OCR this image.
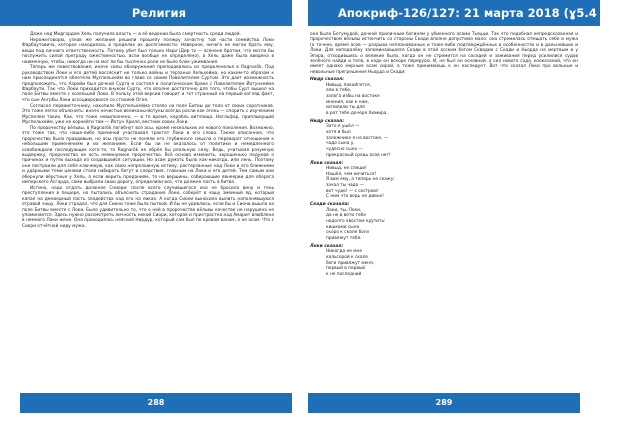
Религия	Апокриф-126/127: 21 марта 2018 (ɣ5.4 е.л.)

Даже над Мидгардом Хель получила власть — в её ведении была смертность среди людей.

Нерожеговорю, узнав же желание решили прошелу полжру зачастну той части семейства Локи Фарбаутовича, которое находилась в пределах их досягаемости. Наверное, ничего не могли брать ему, вещи под личного ответственность. Потому убит был только Нари (Дир то — осенене братом, что могла бы послужить силой преграду ожественостью, всли вообще не определено), а Хель даже была введена в ноименную, чтобы, никогда ни на мог ли бы тысячнох роли не было блок ужимвания.

Теперь же повествование, иначе силы обнаружения преподавались из пределенелья в Ragnarök. Под руководством Локи и его детей воссяснит не только войны и терзанья Хельхейма, но каким-то образом к ним присоединятся облетела Муспельхейм во главе со своим Повелителем Суртом. Это дает возможность предположить, что Азрейм был дочкой Сурта и состоял в политическом браке с Повелителем Йотунхейма Фарбаути. Так что Локи приходится внуком Сурту, что вполне достаточно для того, чтобы Сурт вышел на поле Битвы вместе с хозяльцей Локи. В пользу этой версии говорит и тот странный на первый взгляд факт, что сын Ангрбы Локи ассоциировался со стихией Огня.

Согласно первоисточнику, накопило Муспельхейма стояло на поле Битвы до тела от своих соратников. Это тоже легко объяснить: иначе нечистые великаны-йотуны всегда росли как огонь — спорить с изучением Муспелем таких. Как, что тоже невыполнено, — в то время, корабль витязица. Нагльфар, приплывущий Муспельхейм, уже на корнейги там — Йотун Хрилл, вестник своих Локи.

По пророчеству вёльвы, в Ragnarök погибнут все асы, кроме нескольких из нового поколения. Возможно, это тоже так, что наше-либо причиной участвовал трактат Локи и его слова. Также описанное, что пророчество было правдивым, но асы просто не поняли его глубинного смысла о переворот отношения к небольшим применениям и их желанием. Если бы ли не оказалось от политики и немедленного освобождали последующих кого-то, то Ragnarök не обрёл бы реальную силу. Ведь, учитывая разумную выдержку, пророчество не есть неминуемое пророчество. Всё основа изменить, хорошенько подумав о причинах и путях выхода из создавшейся ситуации. Но асам думать было как-никогда, или лень. Поэтому они построили для себя ключевую, как свою непреложную истину, растерзанные над Локи и его ближними и ударными теми ценами стали набирать бегут и следствия, главным на Локи и его детей. Тем самым они обернули вёрстные у Хель, а если верить преданиям, то на вершины, собирающие явнеерии для оборога имперского Асгарда, сами выбрали свою дорогу, определили все, что должен пасть в битве.

Истина, надо отдать должное Сниори: после всего случившегося она не бросила вину и тень преступления в пещере, но пытались объяснить страдания Локи, соберёт в чашу змеиный яд, который капал на демаедный пасть злодейства над его на ликах. А когда Сиони выносила вылить наполнявшуюся отравой чашу, Локи страдал, что для Сиони тоже была пыткой. И бы не удивлюсь, если бы и Сиони вышла на поле Битвы вместе с Локи. Было удивительно то, что о ней в пророчестве вёльвы качестве не нарушена не упоминается. Здесь нужно рассмотреть личность некой Сиори, которая и пристрастна над Амарит влюблена в немного Локи жене. Она приходилась неясной Нирдур, который сам был по кровам ванам, а не асам. Что с Сиори отчётной ниду мужа.

она была Ботумудой, дочкой приличным богиням у убиенного асами Тьяцци. Так что подобная непредсказанная и пророчеством вёльвы истончить со стороны Скади вполне допустимо мало: она стремилась отмщать себе и мужа (а точнее, время асов — разрыва непланованных и тоже-либо подтверждённых в особенностях и в дальнейших и Локи. Для неподалёку запоминающаяся Скади в этой асским богом Сквадио с Скади и Ньорда на мертвым и у Эгира, отходившись о великие было, когда он не стремится на соседей и заживания перед усилилися судов зелёного найди и тела, в кадо он вскоре перерусю. И, не был он основной, а сил нового сада, изоказаной, что он имеет однако мерным асам сирой, а тоже принимаешь к он наследует. Вот что сказал Локи про вольные и невольные прегрешения Ньорда и Скади:

Нидр сказал:
Нивыд, покайгится,
ели в тебе,
залога избы на востоке
мнения, как к нам,
испилили ты для
в рот тебе дочеря Хюмира.
Нидр сказал:
Зато я ушёл —
хотя и был
заложника я на востоке, —
чадо сына у,
чудесно сына —
прекрасный средь асов нет!
Локи сказал:
Нивыд, не спеши!
Нашёл, чем кичиться!
Я вам ему, а теперь не скажу:
зачал ты чадо —
вот чудо! — с сестрою!
С ним что ведь не дивно!
Скади сказала:
Локи, ты, Локи,
да не в вети тебе
недолго хвостом крутить:
кишками сына
скоро к скале боги
привяжут тебя.
Локи сказал:
Никогда не мне
кальсорой к скале
боги привяжут меня,
первый в первый
к не последний
288	289
